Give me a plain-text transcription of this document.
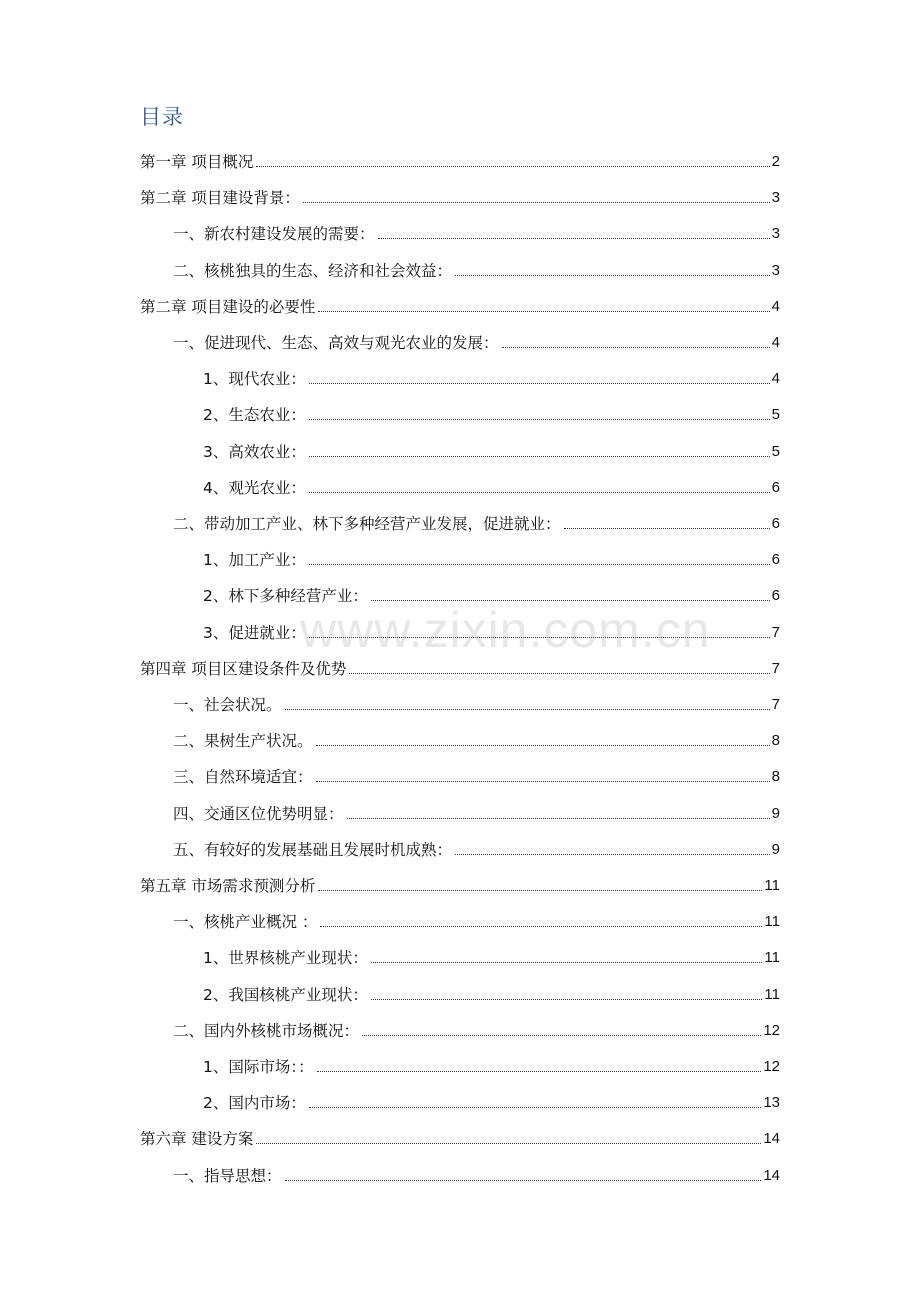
目录
第一章 项目概况	2
第二章 项目建设背景：	3
一、新农村建设发展的需要：	3
二、核桃独具的生态、经济和社会效益：	3
第二章 项目建设的必要性	4
一、促进现代、生态、高效与观光农业的发展：	4
1、现代农业：	4
2、生态农业：	5
3、高效农业：	5
4、观光农业：	6
二、带动加工产业、林下多种经营产业发展，促进就业：	6
1、加工产业：	6
2、林下多种经营产业：	6
3、促进就业：	7
第四章 项目区建设条件及优势	7
一、社会状况。	7
二、果树生产状况。	8
三、自然环境适宜：	8
四、交通区位优势明显：	9
五、有较好的发展基础且发展时机成熟：	9
第五章 市场需求预测分析	11
一、核桃产业概况 ：	11
1、世界核桃产业现状：	11
2、我国核桃产业现状：	11
二、国内外核桃市场概况：	12
1、国际市场：：	12
2、国内市场：	13
第六章 建设方案	14
一、指导思想：	14
www.zixin.com.cn
